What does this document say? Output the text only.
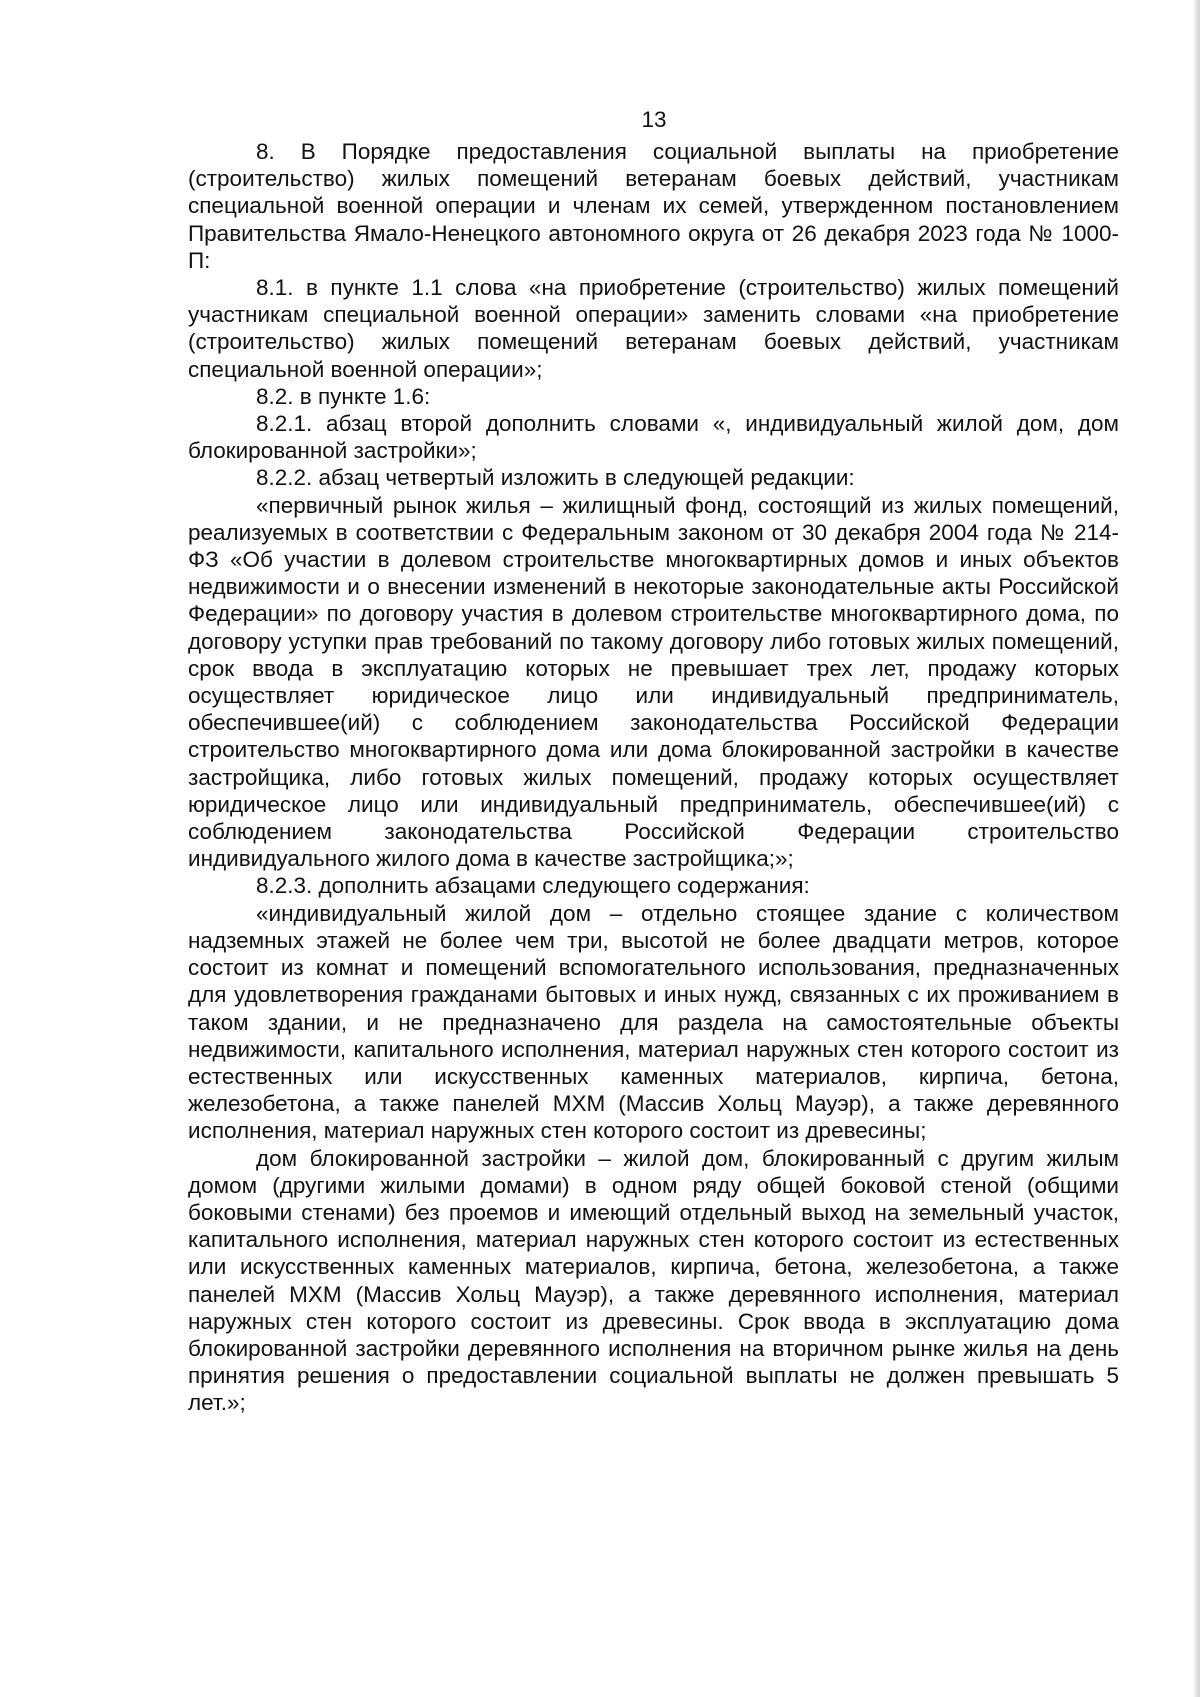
13

8. В Порядке предоставления социальной выплаты на приобретение (строительство) жилых помещений ветеранам боевых действий, участникам специальной военной операции и членам их семей, утвержденном постановлением Правительства Ямало-Ненецкого автономного округа от 26 декабря 2023 года № 1000-П:

8.1. в пункте 1.1 слова «на приобретение (строительство) жилых помещений участникам специальной военной операции» заменить словами «на приобретение (строительство) жилых помещений ветеранам боевых действий, участникам специальной военной операции»;

8.2. в пункте 1.6:

8.2.1. абзац второй дополнить словами «, индивидуальный жилой дом, дом блокированной застройки»;

8.2.2. абзац четвертый изложить в следующей редакции:

«первичный рынок жилья – жилищный фонд, состоящий из жилых помещений, реализуемых в соответствии с Федеральным законом от 30 декабря 2004 года № 214-ФЗ «Об участии в долевом строительстве многоквартирных домов и иных объектов недвижимости и о внесении изменений в некоторые законодательные акты Российской Федерации» по договору участия в долевом строительстве многоквартирного дома, по договору уступки прав требований по такому договору либо готовых жилых помещений, срок ввода в эксплуатацию которых не превышает трех лет, продажу которых осуществляет юридическое лицо или индивидуальный предприниматель, обеспечившее(ий) с соблюдением законодательства Российской Федерации строительство многоквартирного дома или дома блокированной застройки в качестве застройщика, либо готовых жилых помещений, продажу которых осуществляет юридическое лицо или индивидуальный предприниматель, обеспечившее(ий) с соблюдением законодательства Российской Федерации строительство индивидуального жилого дома в качестве застройщика;»;

8.2.3. дополнить абзацами следующего содержания:

«индивидуальный жилой дом – отдельно стоящее здание с количеством надземных этажей не более чем три, высотой не более двадцати метров, которое состоит из комнат и помещений вспомогательного использования, предназначенных для удовлетворения гражданами бытовых и иных нужд, связанных с их проживанием в таком здании, и не предназначено для раздела на самостоятельные объекты недвижимости, капитального исполнения, материал наружных стен которого состоит из естественных или искусственных каменных материалов, кирпича, бетона, железобетона, а также панелей МХМ (Массив Хольц Мауэр), а также деревянного исполнения, материал наружных стен которого состоит из древесины;

дом блокированной застройки – жилой дом, блокированный с другим жилым домом (другими жилыми домами) в одном ряду общей боковой стеной (общими боковыми стенами) без проемов и имеющий отдельный выход на земельный участок, капитального исполнения, материал наружных стен которого состоит из естественных или искусственных каменных материалов, кирпича, бетона, железобетона, а также панелей МХМ (Массив Хольц Мауэр), а также деревянного исполнения, материал наружных стен которого состоит из древесины. Срок ввода в эксплуатацию дома блокированной застройки деревянного исполнения на вторичном рынке жилья на день принятия решения о предоставлении социальной выплаты не должен превышать 5 лет.»;
